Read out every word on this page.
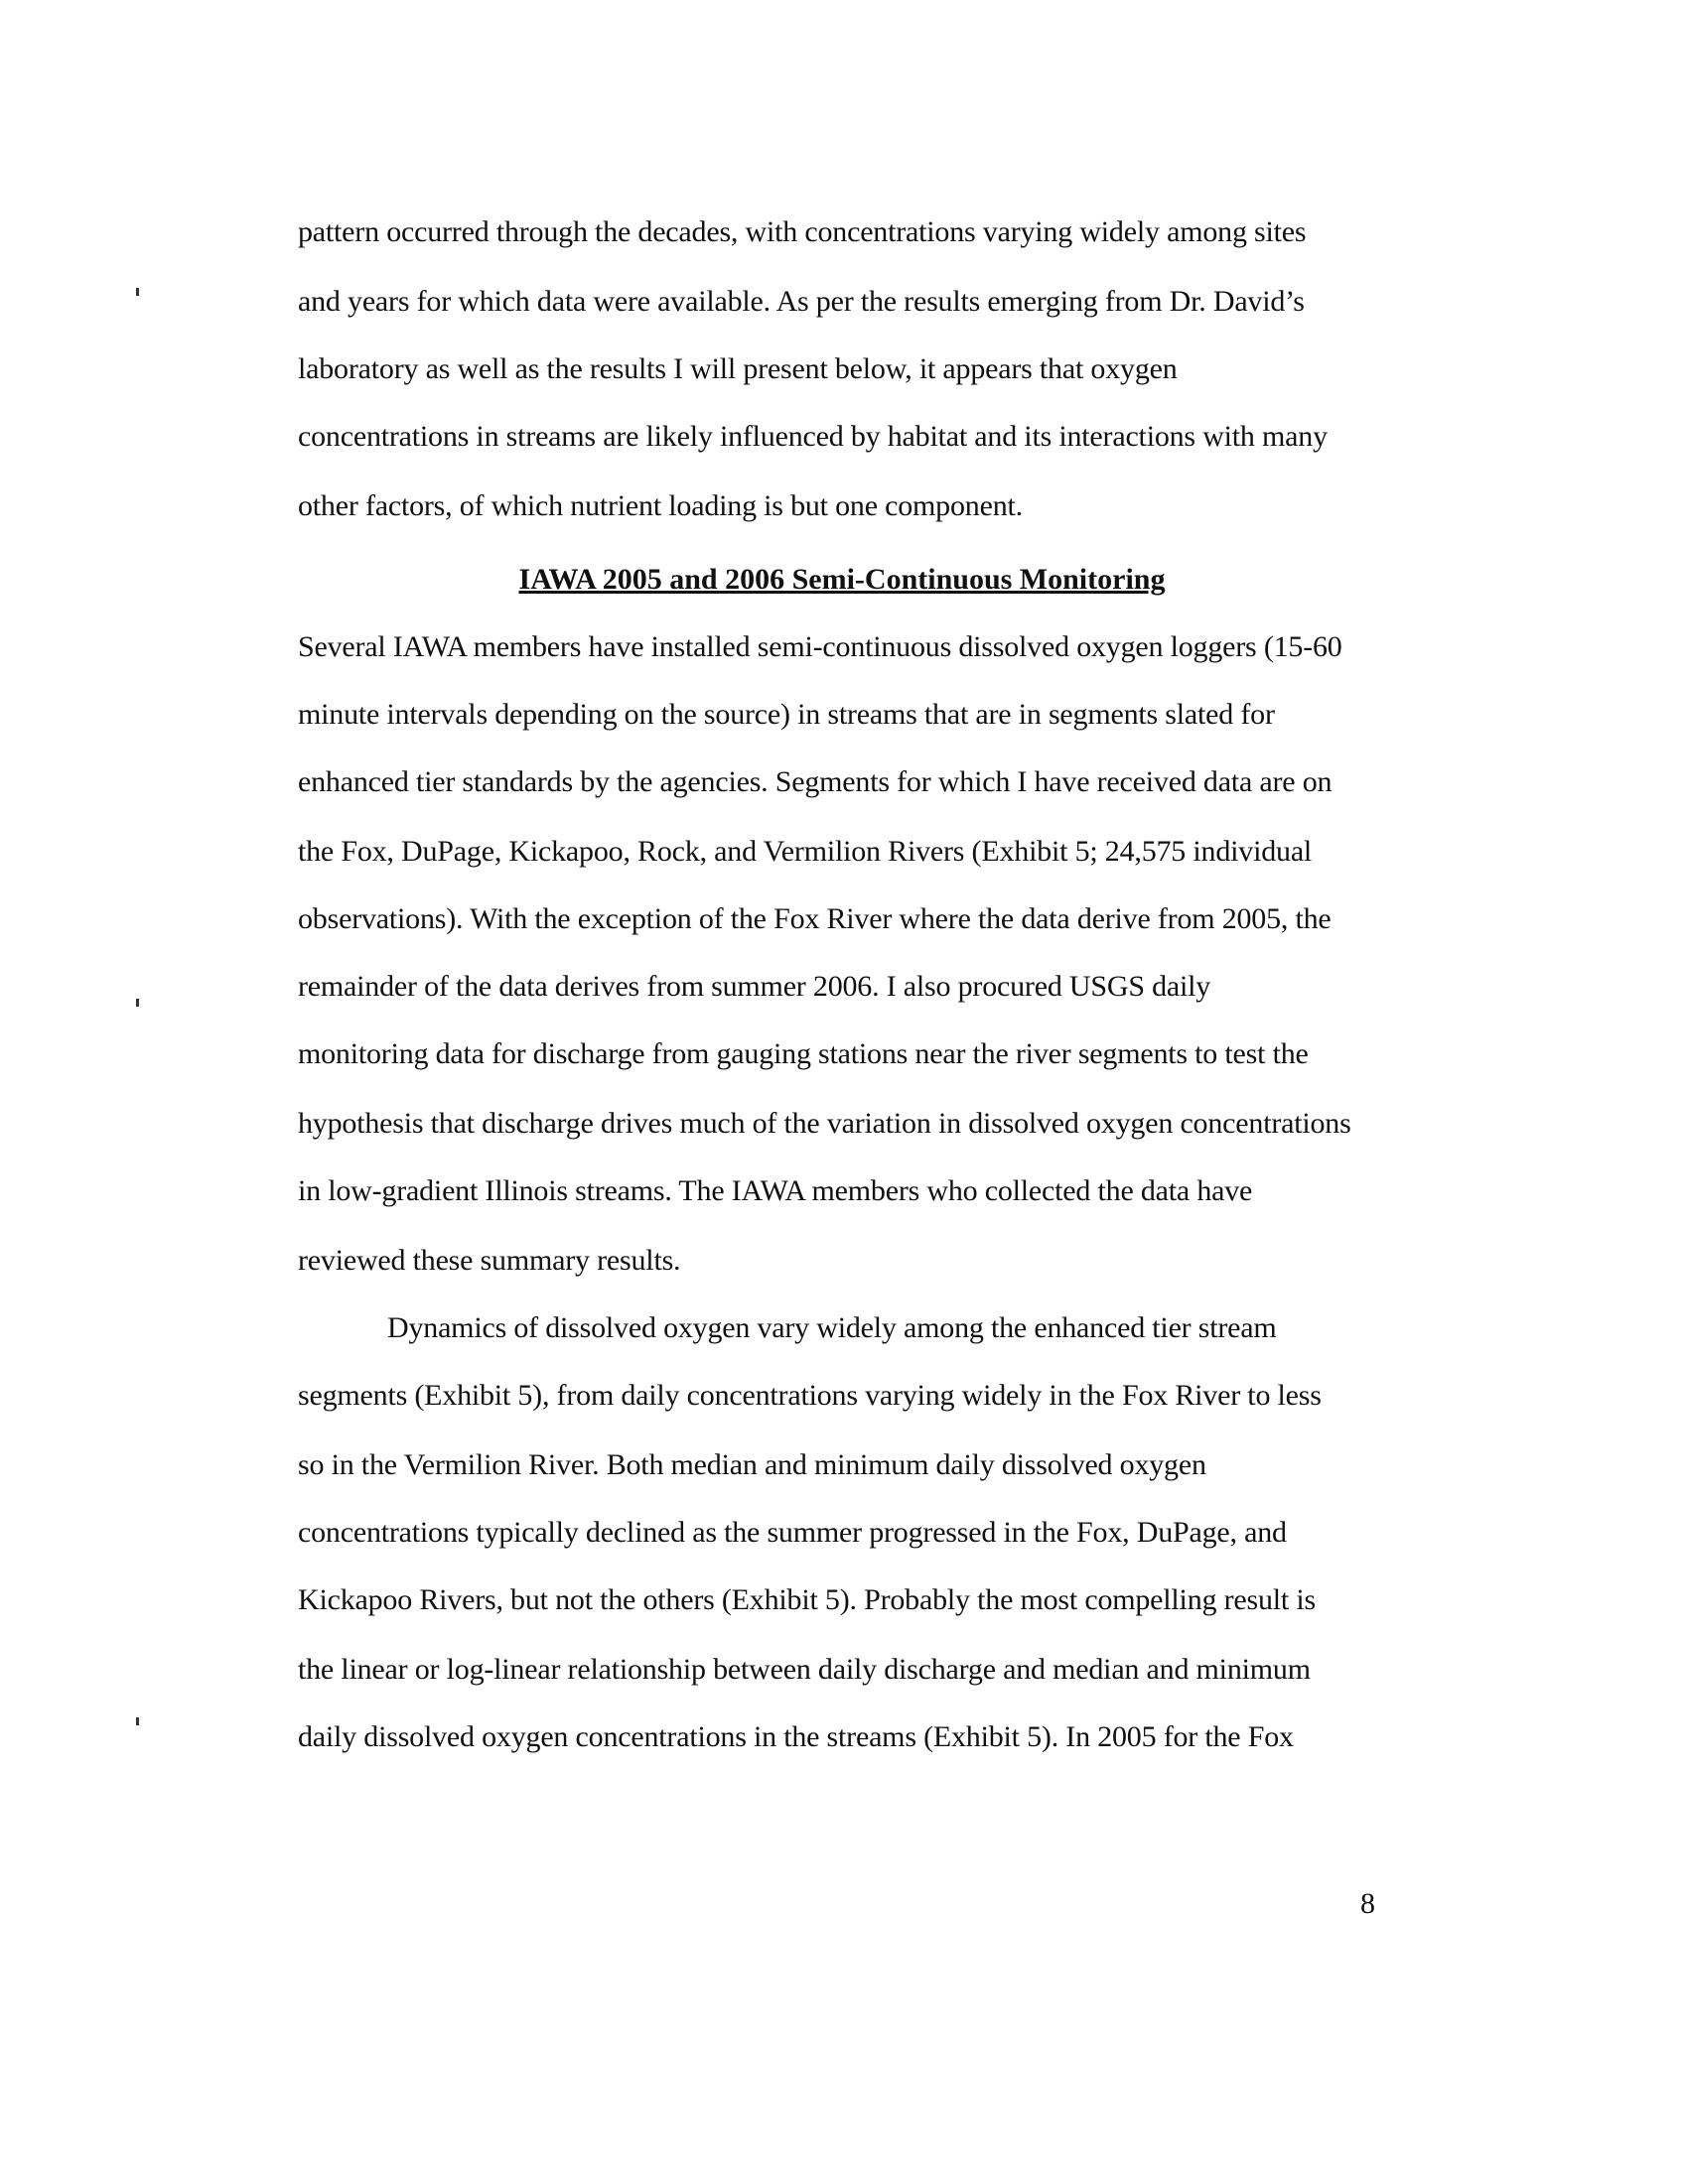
pattern occurred through the decades, with concentrations varying widely among sites
and years for which data were available. As per the results emerging from Dr. David’s
laboratory as well as the results I will present below, it appears that oxygen
concentrations in streams are likely influenced by habitat and its interactions with many
other factors, of which nutrient loading is but one component.
IAWA 2005 and 2006 Semi-Continuous Monitoring
Several IAWA members have installed semi-continuous dissolved oxygen loggers (15-60
minute intervals depending on the source) in streams that are in segments slated for
enhanced tier standards by the agencies. Segments for which I have received data are on
the Fox, DuPage, Kickapoo, Rock, and Vermilion Rivers (Exhibit 5; 24,575 individual
observations). With the exception of the Fox River where the data derive from 2005, the
remainder of the data derives from summer 2006. I also procured USGS daily
monitoring data for discharge from gauging stations near the river segments to test the
hypothesis that discharge drives much of the variation in dissolved oxygen concentrations
in low-gradient Illinois streams. The IAWA members who collected the data have
reviewed these summary results.
Dynamics of dissolved oxygen vary widely among the enhanced tier stream
segments (Exhibit 5), from daily concentrations varying widely in the Fox River to less
so in the Vermilion River. Both median and minimum daily dissolved oxygen
concentrations typically declined as the summer progressed in the Fox, DuPage, and
Kickapoo Rivers, but not the others (Exhibit 5). Probably the most compelling result is
the linear or log-linear relationship between daily discharge and median and minimum
daily dissolved oxygen concentrations in the streams (Exhibit 5). In 2005 for the Fox
8
